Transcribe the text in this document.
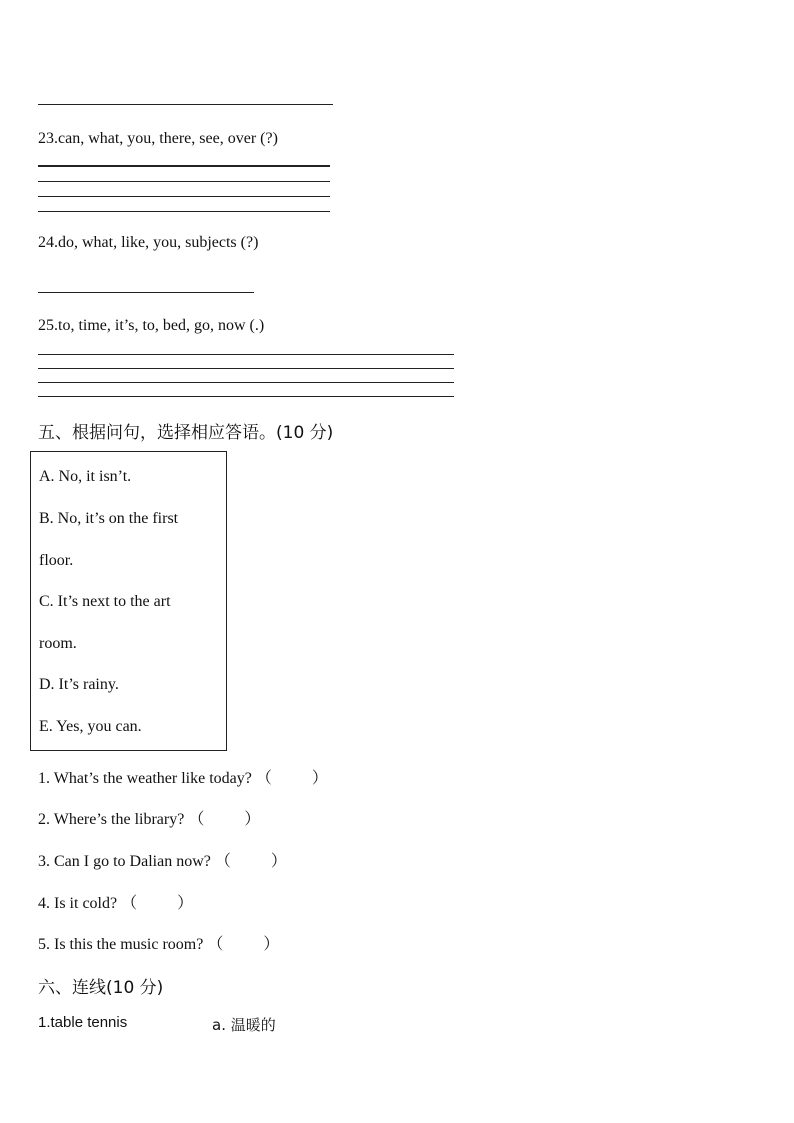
23.can, what, you, there, see, over (?)
24.do, what, like, you, subjects (?)
25.to, time, it’s, to, bed, go, now (.)
五、根据问句，选择相应答语。(10 分)
A. No, it isn’t.
B. No, it’s on the first
floor.
C. It’s next to the art
room.
D. It’s rainy.
E. Yes, you can.
1. What’s the weather like today? （	）
2. Where’s the library? （	）
3. Can I go to Dalian now? （	）
4. Is it cold? （	）
5. Is this the music room? （	）
六、连线(10 分)
1.table tennis	a. 温暖的
